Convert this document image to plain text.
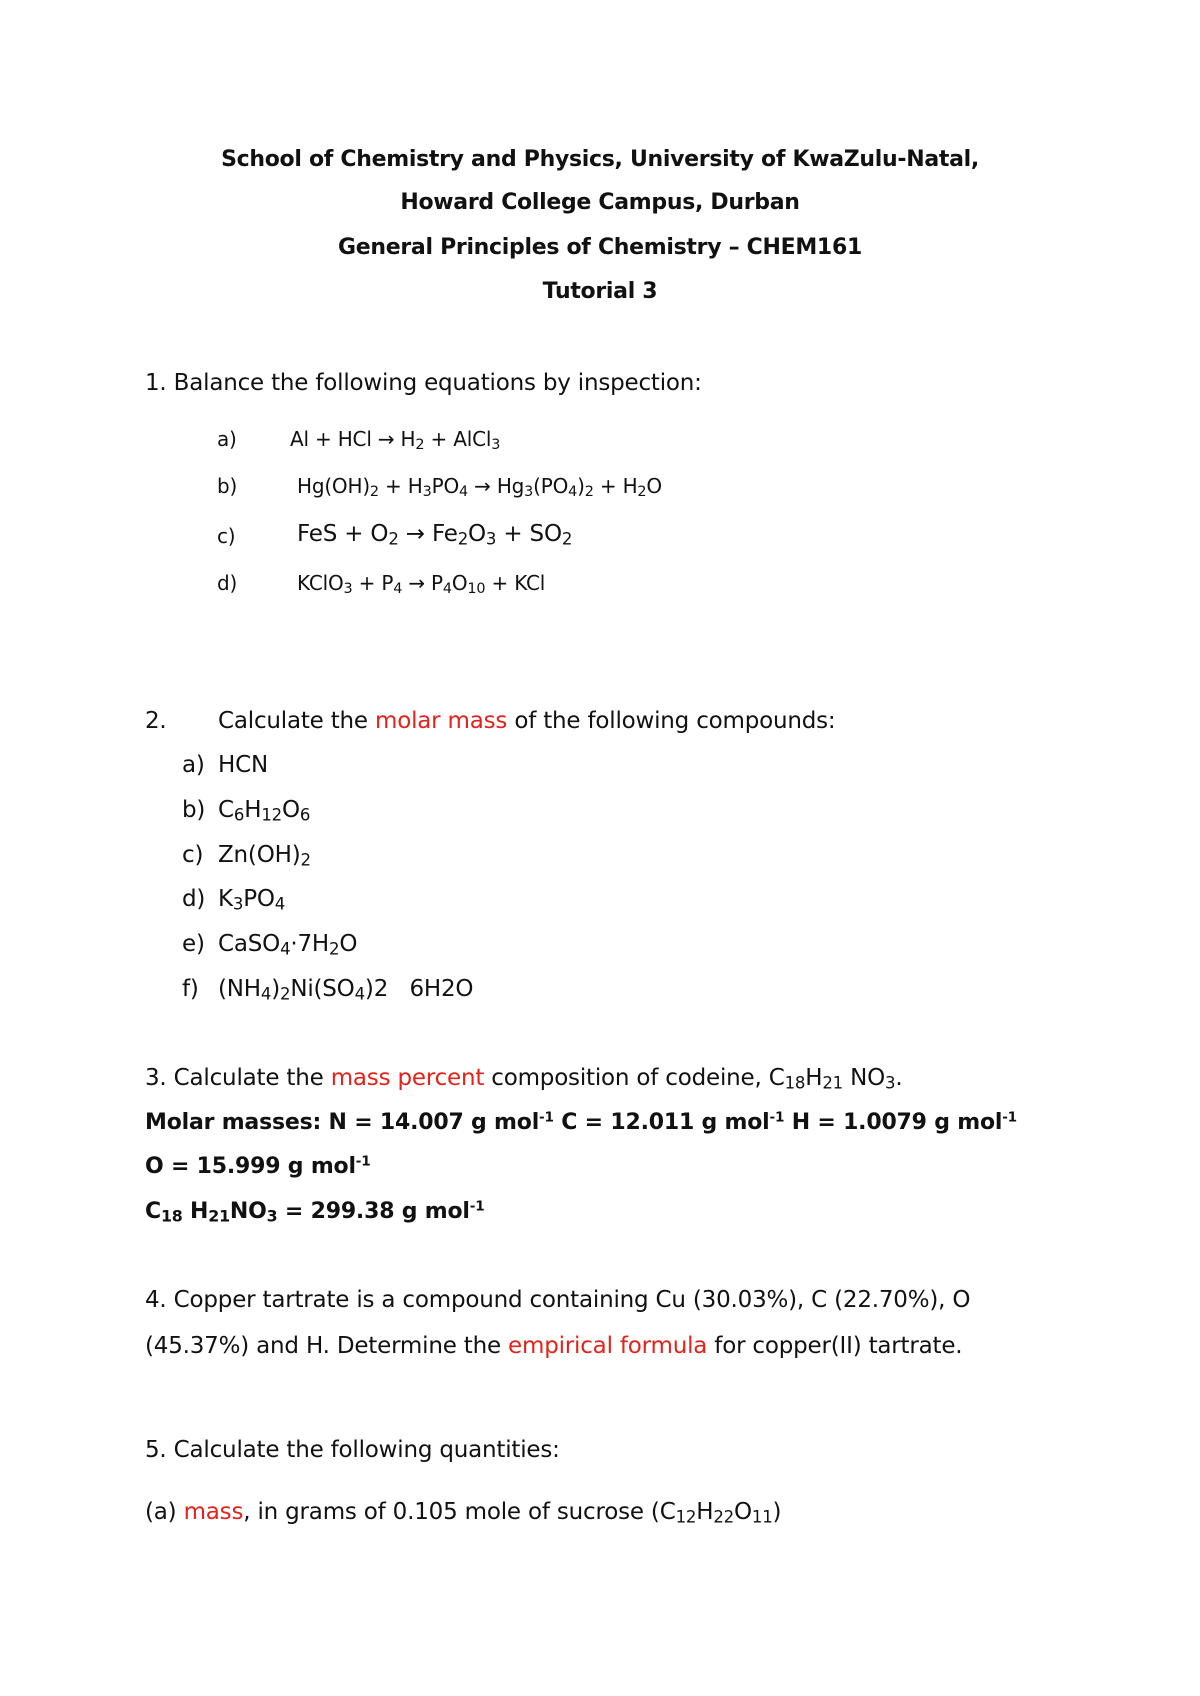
School of Chemistry and Physics, University of KwaZulu-Natal,
Howard College Campus, Durban
General Principles of Chemistry – CHEM161
Tutorial 3
1. Balance the following equations by inspection:
a)	Al + HCl → $H_2$ + AlCl$_3$
b)	$Hg(OH)_2 + H_3PO_4 \to Hg_3(PO_4)_2 + H_2O$
c)	FeS + $O_2 \to Fe_2O_3 + SO_2$
d)	KClO$_3$ + $P_4 \to P_4O_{10}$ + KCl
2. Calculate the molar mass of the following compounds:
a) HCN
b) $C_6H_{12}O_6$
c) $Zn(OH)_2$
d) $K_3PO_4$
e) $CaSO_4\cdot 7H_2O$
f) $(NH_4)_2Ni(SO_4)2$   6H2O
3. Calculate the mass percent composition of codeine, $C_{18}H_{21}$ $NO_3$.
Molar masses: N = 14.007 g mol$^{-1}$ C = 12.011 g mol$^{-1}$ H = 1.0079 g mol$^{-1}$
O = 15.999 g mol$^{-1}$
$C_{18}$ $H_{21}NO_3 = 299.38$ g mol$^{-1}$
4. Copper tartrate is a compound containing Cu (30.03%), C (22.70%), O
(45.37%) and H. Determine the empirical formula for copper(II) tartrate.
5. Calculate the following quantities:
(a) mass, in grams of 0.105 mole of sucrose $(C_{12}H_{22}O_{11})$
